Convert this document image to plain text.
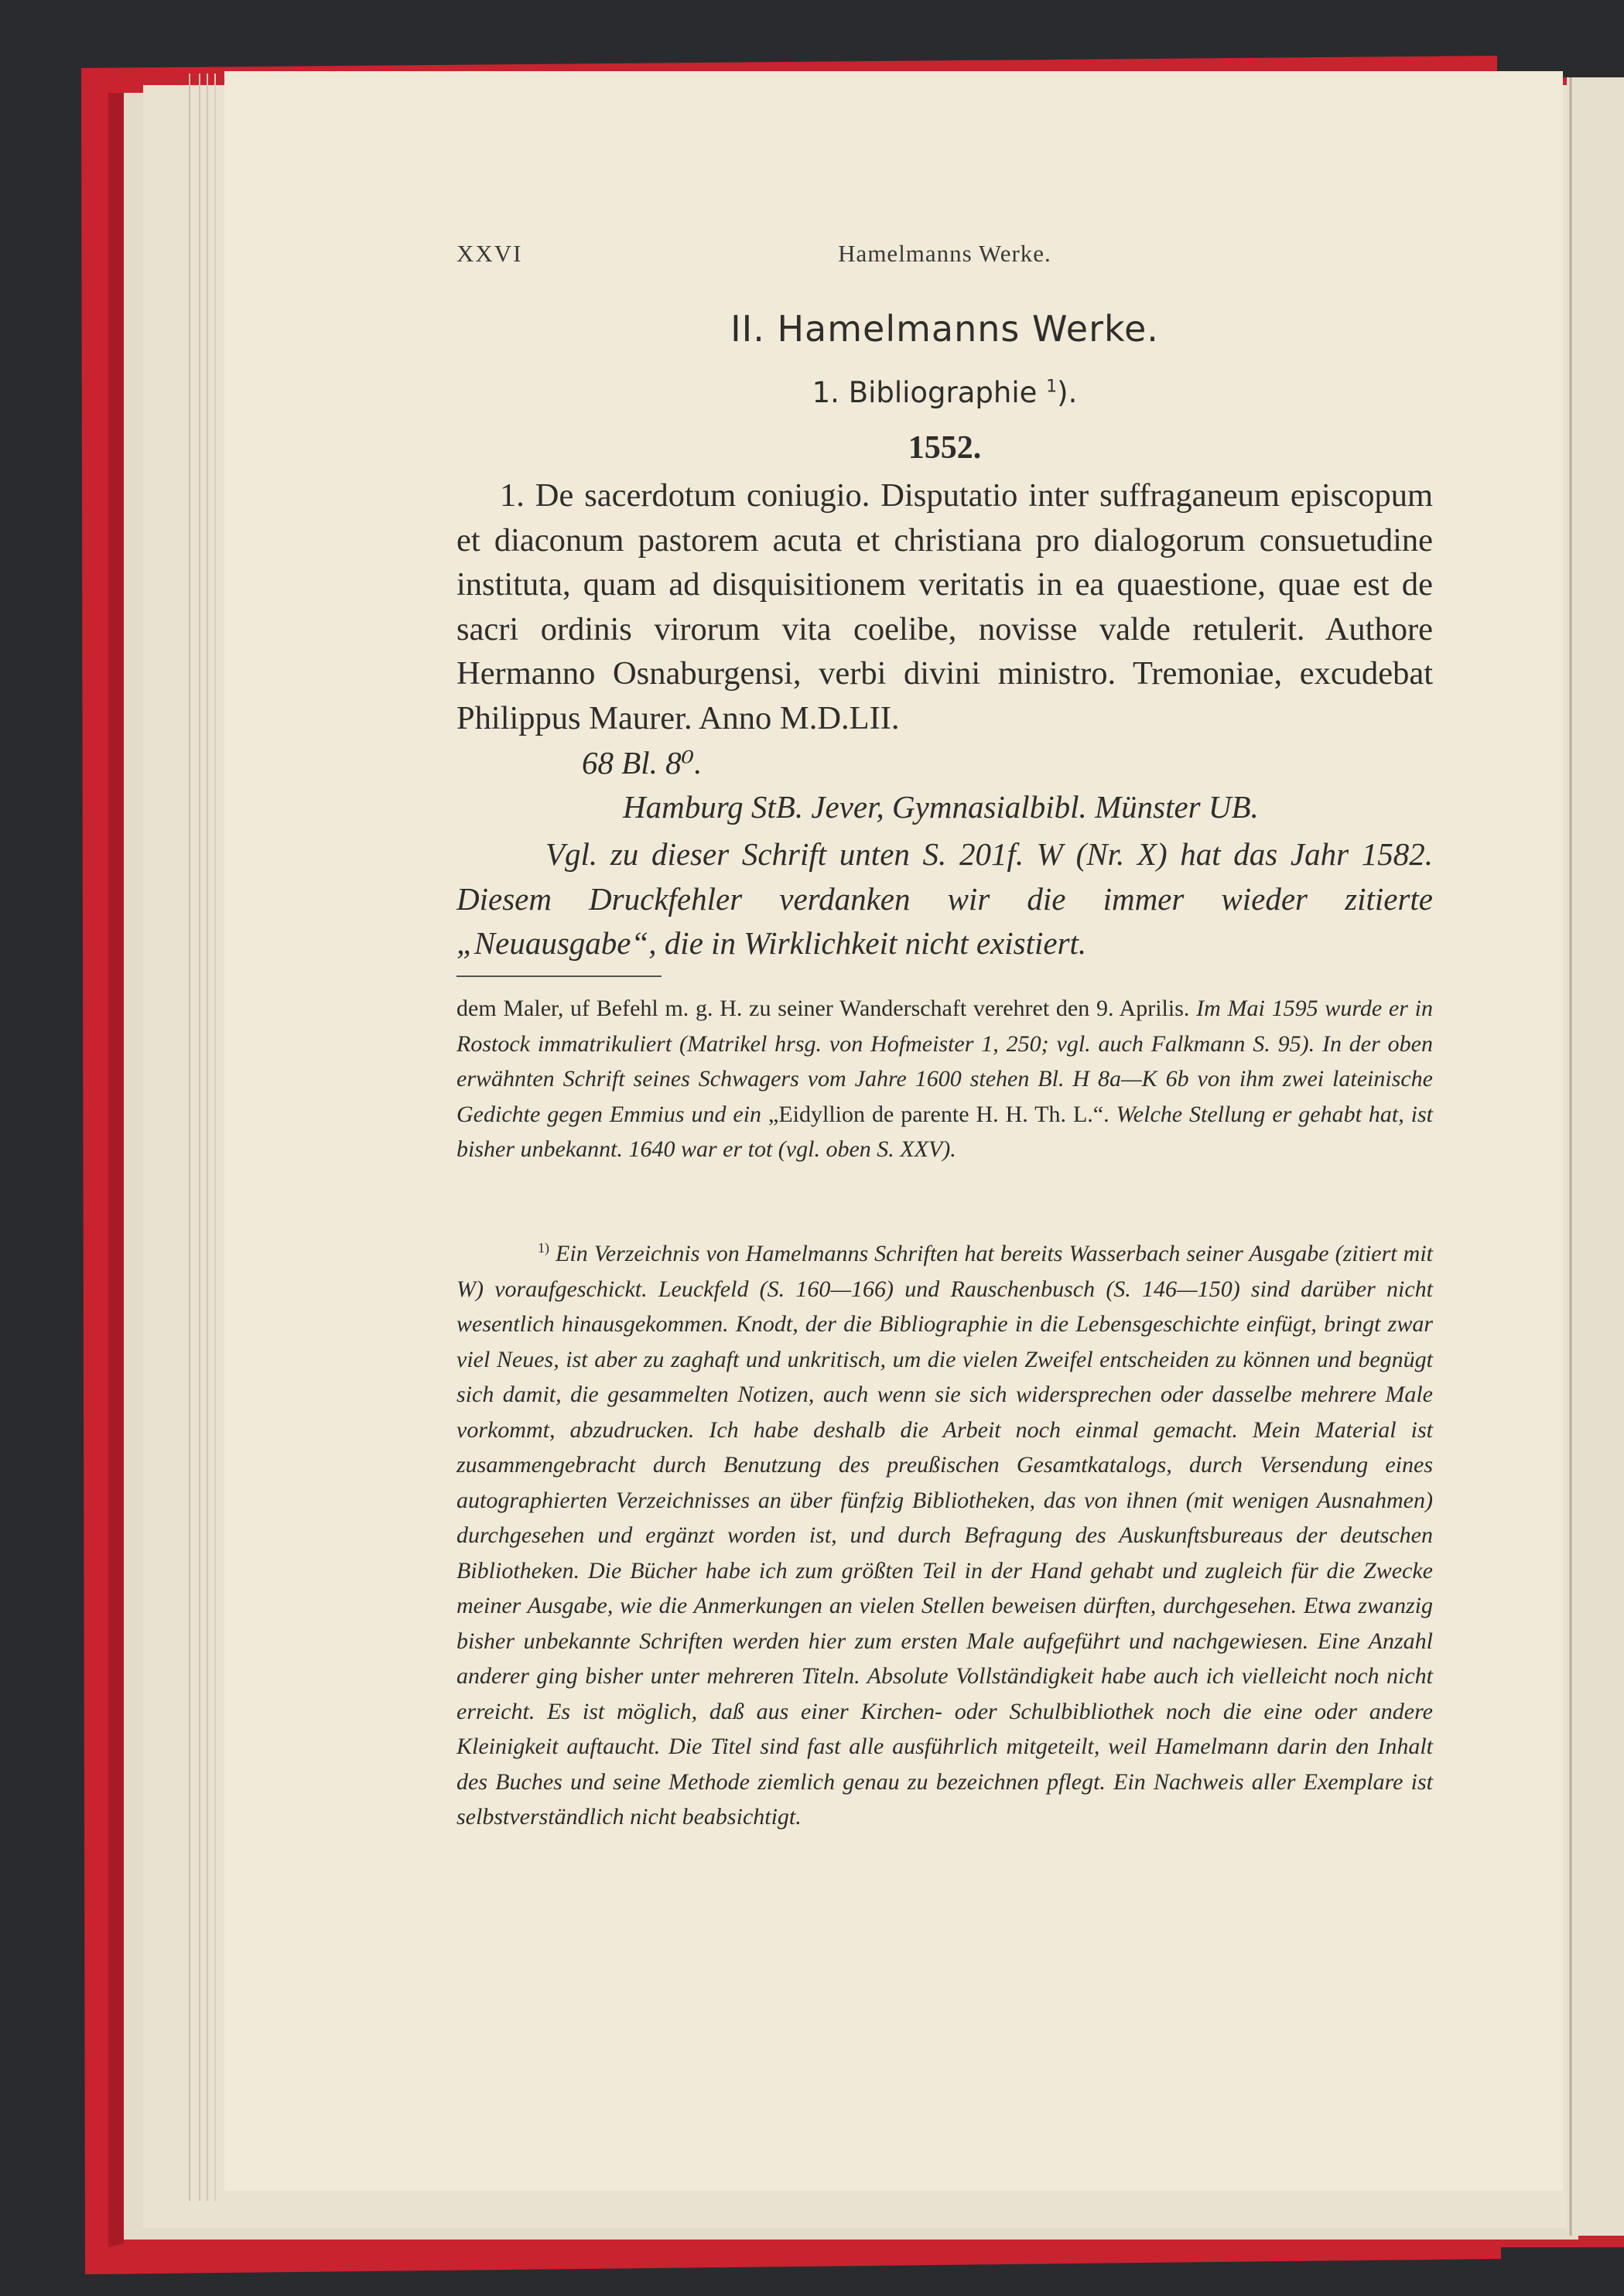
XXVI	Hamelmanns Werke.
II. Hamelmanns Werke.
1. Bibliographie $^1$).
1552.

1. De sacerdotum coniugio. Disputatio inter suffraganeum episcopum et diaconum pastorem acuta et christiana pro dialogorum consuetudine instituta, quam ad disquisitionem veritatis in ea quaestione, quae est de sacri ordinis virorum vita coelibe, novisse valde retulerit. Authore Hermanno Osnaburgensi, verbi divini ministro. Tremoniae, excudebat Philippus Maurer. Anno M.D.LII.

68 Bl. 8⁰.
Hamburg StB. Jever, Gymnasialbibl. Münster UB.
Vgl. zu dieser Schrift unten S. 201f. W (Nr. X) hat das Jahr 1582. Diesem Druckfehler verdanken wir die immer wieder zitierte „Neuausgabe“, die in Wirklichkeit nicht existiert.
dem Maler, uf Befehl m. g. H. zu seiner Wanderschaft verehret den 9. Aprilis. Im Mai 1595 wurde er in Rostock immatrikuliert (Matrikel hrsg. von Hofmeister 1, 250; vgl. auch Falkmann S. 95). In der oben erwähnten Schrift seines Schwagers vom Jahre 1600 stehen Bl. H 8a—K 6b von ihm zwei lateinische Gedichte gegen Emmius und ein „Eidyllion de parente H. H. Th. L.“. Welche Stellung er gehabt hat, ist bisher unbekannt. 1640 war er tot (vgl. oben S. XXV).
$^{1)}$ Ein Verzeichnis von Hamelmanns Schriften hat bereits Wasserbach seiner Ausgabe (zitiert mit W) voraufgeschickt. Leuckfeld (S. 160—166) und Rauschenbusch (S. 146—150) sind darüber nicht wesentlich hinausgekommen. Knodt, der die Bibliographie in die Lebensgeschichte einfügt, bringt zwar viel Neues, ist aber zu zaghaft und unkritisch, um die vielen Zweifel entscheiden zu können und begnügt sich damit, die gesammelten Notizen, auch wenn sie sich widersprechen oder dasselbe mehrere Male vorkommt, abzudrucken. Ich habe deshalb die Arbeit noch einmal gemacht. Mein Material ist zusammengebracht durch Benutzung des preußischen Gesamtkatalogs, durch Versendung eines autographierten Verzeichnisses an über fünfzig Bibliotheken, das von ihnen (mit wenigen Ausnahmen) durchgesehen und ergänzt worden ist, und durch Befragung des Auskunftsbureaus der deutschen Bibliotheken. Die Bücher habe ich zum größten Teil in der Hand gehabt und zugleich für die Zwecke meiner Ausgabe, wie die Anmerkungen an vielen Stellen beweisen dürften, durchgesehen. Etwa zwanzig bisher unbekannte Schriften werden hier zum ersten Male aufgeführt und nachgewiesen. Eine Anzahl anderer ging bisher unter mehreren Titeln. Absolute Vollständigkeit habe auch ich vielleicht noch nicht erreicht. Es ist möglich, daß aus einer Kirchen- oder Schulbibliothek noch die eine oder andere Kleinigkeit auftaucht. Die Titel sind fast alle ausführlich mitgeteilt, weil Hamelmann darin den Inhalt des Buches und seine Methode ziemlich genau zu bezeichnen pflegt. Ein Nachweis aller Exemplare ist selbstverständlich nicht beabsichtigt.
